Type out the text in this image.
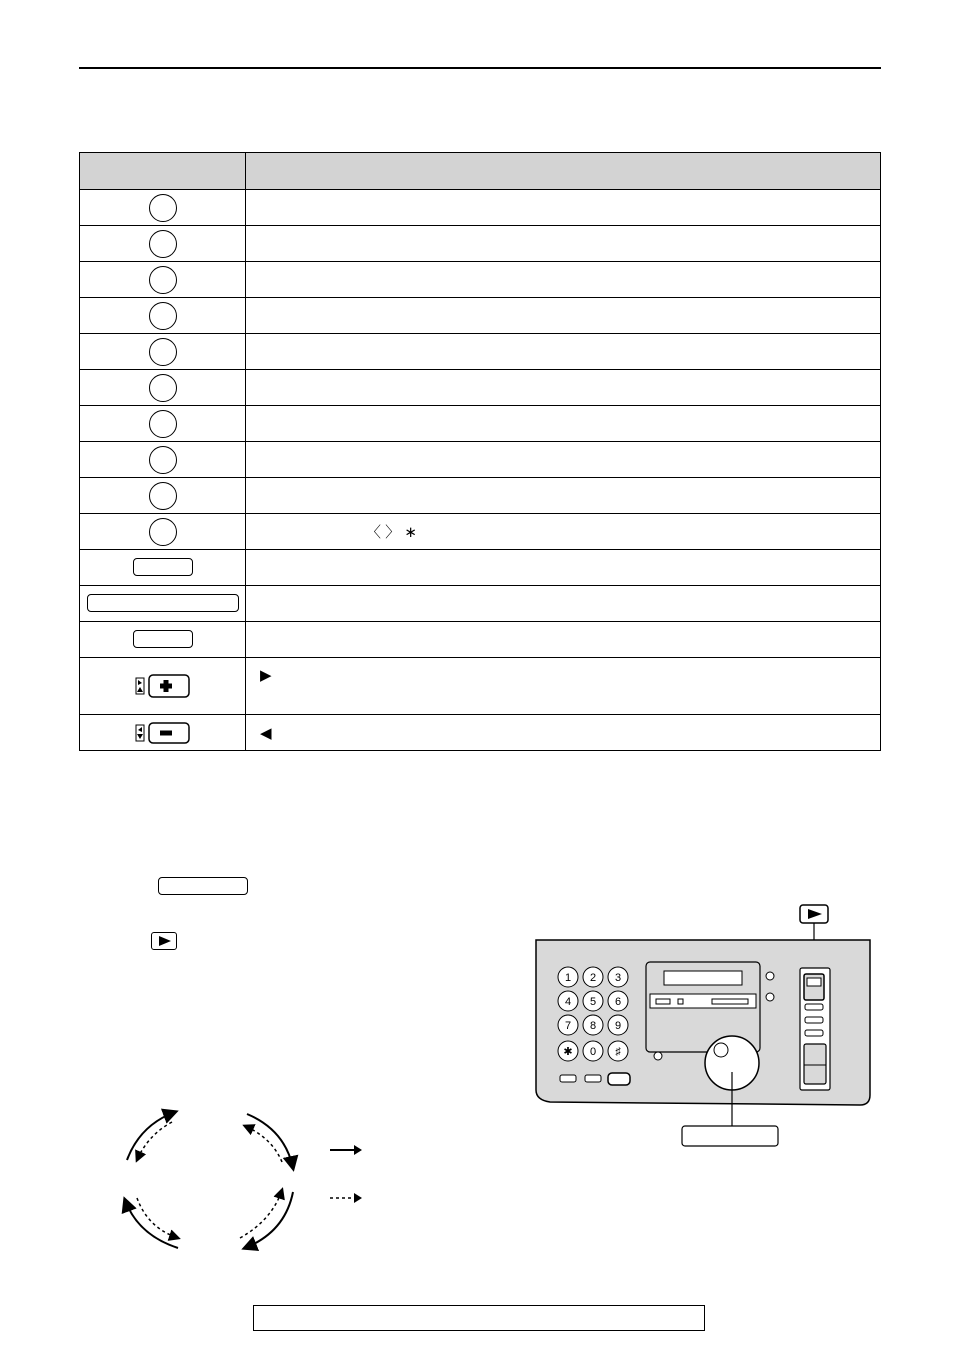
	〈 〉 ∗

	▶
	◀
1 2 3
4 5 6
7 8 9
✱ 0 ♯
